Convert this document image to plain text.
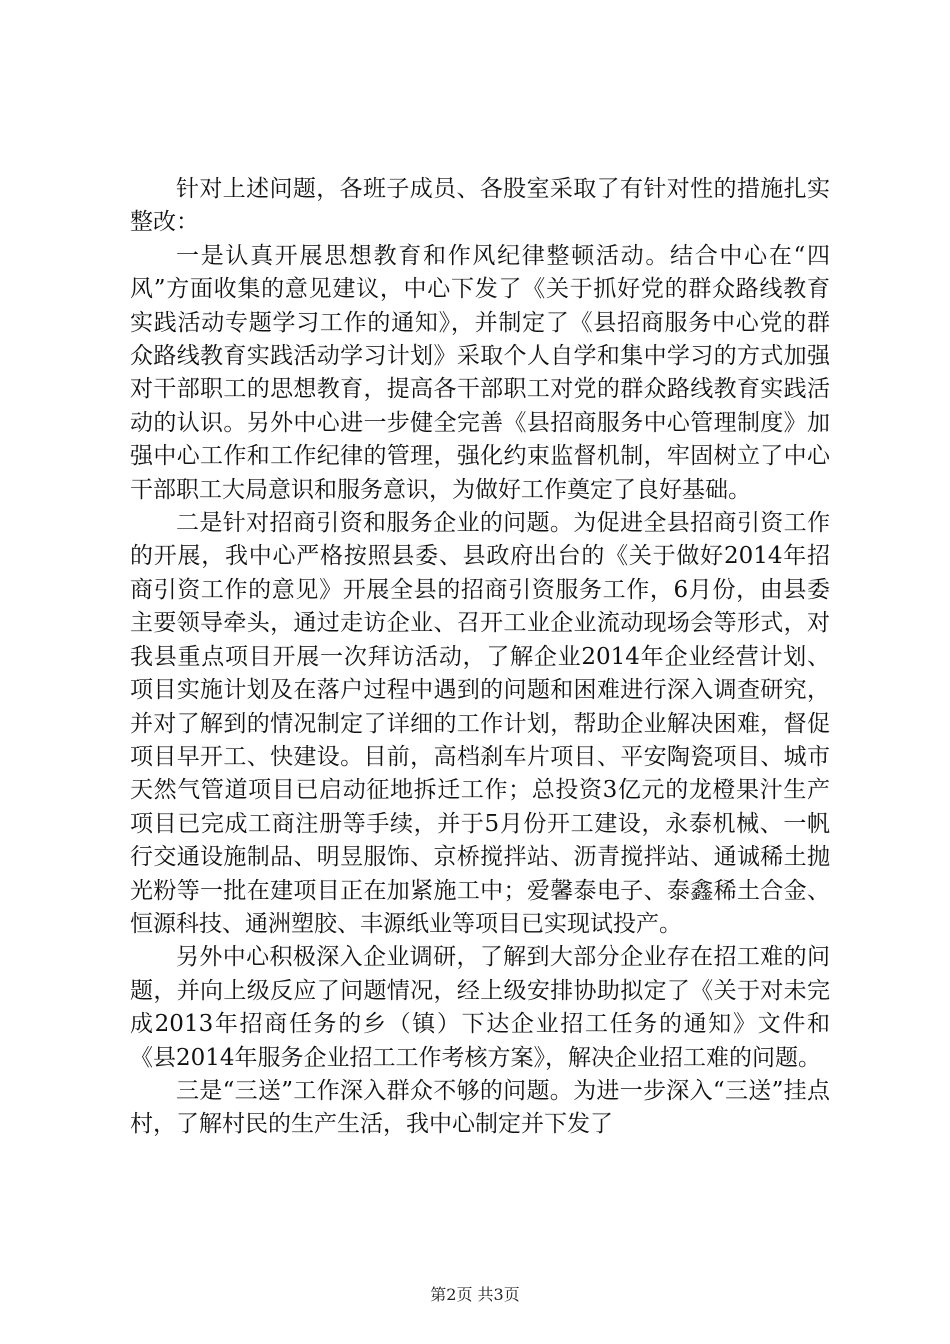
针对上述问题，各班子成员、各股室采取了有针对性的措施扎实整改：

一是认真开展思想教育和作风纪律整顿活动。结合中心在“四风”方面收集的意见建议，中心下发了《关于抓好党的群众路线教育实践活动专题学习工作的通知》，并制定了《县招商服务中心党的群众路线教育实践活动学习计划》采取个人自学和集中学习的方式加强对干部职工的思想教育，提高各干部职工对党的群众路线教育实践活动的认识。另外中心进一步健全完善《县招商服务中心管理制度》加强中心工作和工作纪律的管理，强化约束监督机制，牢固树立了中心干部职工大局意识和服务意识，为做好工作奠定了良好基础。

二是针对招商引资和服务企业的问题。为促进全县招商引资工作的开展，我中心严格按照县委、县政府出台的《关于做好2014年招商引资工作的意见》开展全县的招商引资服务工作，6月份，由县委主要领导牵头，通过走访企业、召开工业企业流动现场会等形式，对我县重点项目开展一次拜访活动，了解企业2014年企业经营计划、项目实施计划及在落户过程中遇到的问题和困难进行深入调查研究，并对了解到的情况制定了详细的工作计划，帮助企业解决困难，督促项目早开工、快建设。目前，高档刹车片项目、平安陶瓷项目、城市天然气管道项目已启动征地拆迁工作；总投资3亿元的龙橙果汁生产项目已完成工商注册等手续，并于5月份开工建设，永泰机械、一帆行交通设施制品、明昱服饰、京桥搅拌站、沥青搅拌站、通诚稀土抛光粉等一批在建项目正在加紧施工中；爱馨泰电子、泰鑫稀土合金、恒源科技、通洲塑胶、丰源纸业等项目已实现试投产。

另外中心积极深入企业调研，了解到大部分企业存在招工难的问题，并向上级反应了问题情况，经上级安排协助拟定了《关于对未完成2013年招商任务的乡（镇）下达企业招工任务的通知》文件和《县2014年服务企业招工工作考核方案》，解决企业招工难的问题。

三是“三送”工作深入群众不够的问题。为进一步深入“三送”挂点村，了解村民的生产生活，我中心制定并下发了

第2页 共3页
